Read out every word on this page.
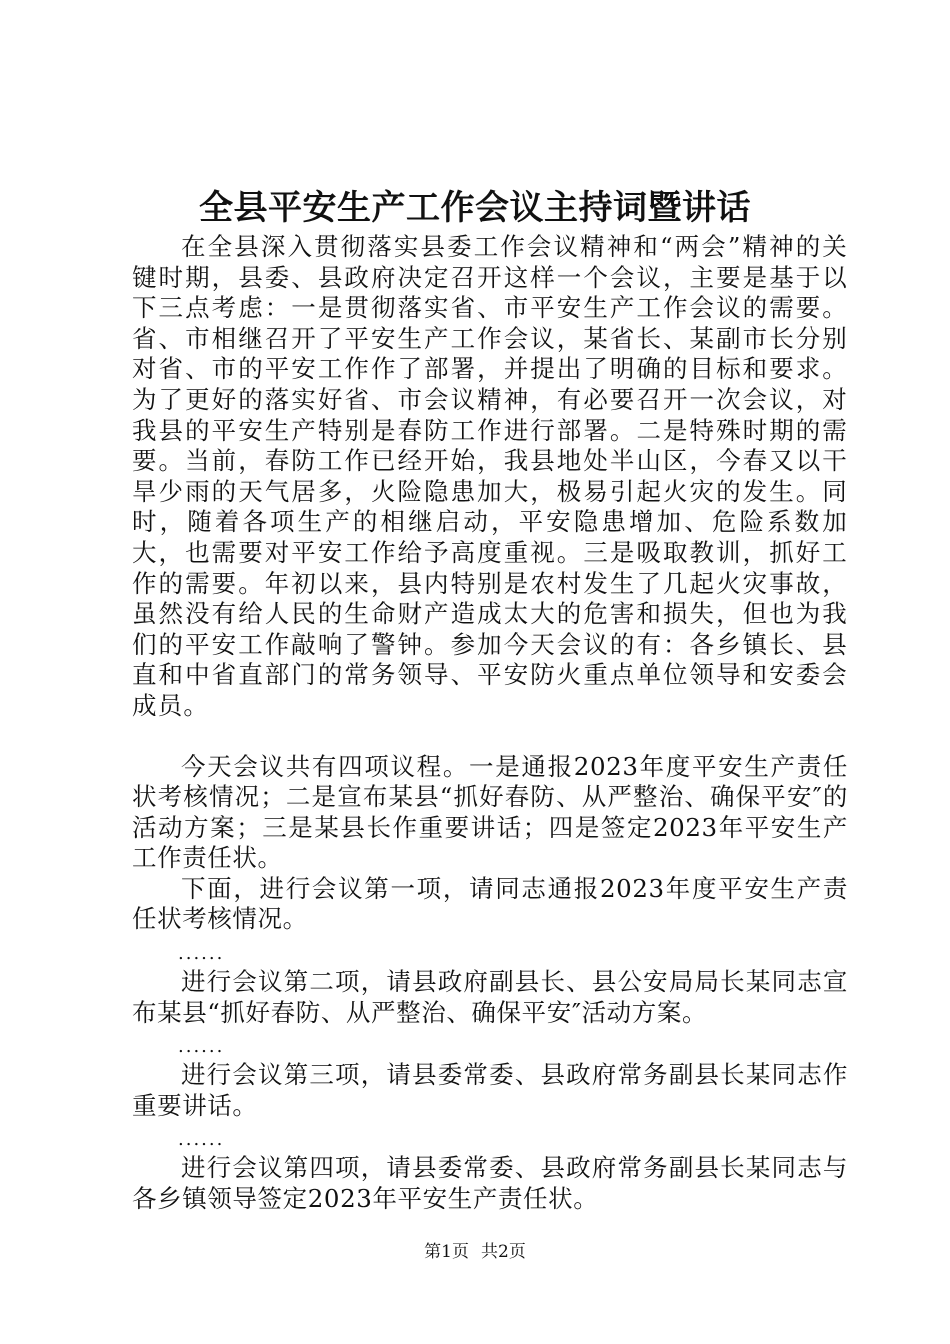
全县平安生产工作会议主持词暨讲话

在全县深入贯彻落实县委工作会议精神和“两会”精神的关键时期，县委、县政府决定召开这样一个会议，主要是基于以下三点考虑：一是贯彻落实省、市平安生产工作会议的需要。省、市相继召开了平安生产工作会议，某省长、某副市长分别对省、市的平安工作作了部署，并提出了明确的目标和要求。为了更好的落实好省、市会议精神，有必要召开一次会议，对我县的平安生产特别是春防工作进行部署。二是特殊时期的需要。当前，春防工作已经开始，我县地处半山区，今春又以干旱少雨的天气居多，火险隐患加大，极易引起火灾的发生。同时，随着各项生产的相继启动，平安隐患增加、危险系数加大，也需要对平安工作给予高度重视。三是吸取教训，抓好工作的需要。年初以来，县内特别是农村发生了几起火灾事故，虽然没有给人民的生命财产造成太大的危害和损失，但也为我们的平安工作敲响了警钟。参加今天会议的有：各乡镇长、县直和中省直部门的常务领导、平安防火重点单位领导和安委会成员。

今天会议共有四项议程。一是通报2023年度平安生产责任状考核情况；二是宣布某县“抓好春防、从严整治、确保平安″的活动方案；三是某县长作重要讲话；四是签定2023年平安生产工作责任状。

下面，进行会议第一项，请同志通报2023年度平安生产责任状考核情况。

......

进行会议第二项，请县政府副县长、县公安局局长某同志宣布某县“抓好春防、从严整治、确保平安″活动方案。

......

进行会议第三项，请县委常委、县政府常务副县长某同志作重要讲话。

......

进行会议第四项，请县委常委、县政府常务副县长某同志与各乡镇领导签定2023年平安生产责任状。

第1页 共2页
